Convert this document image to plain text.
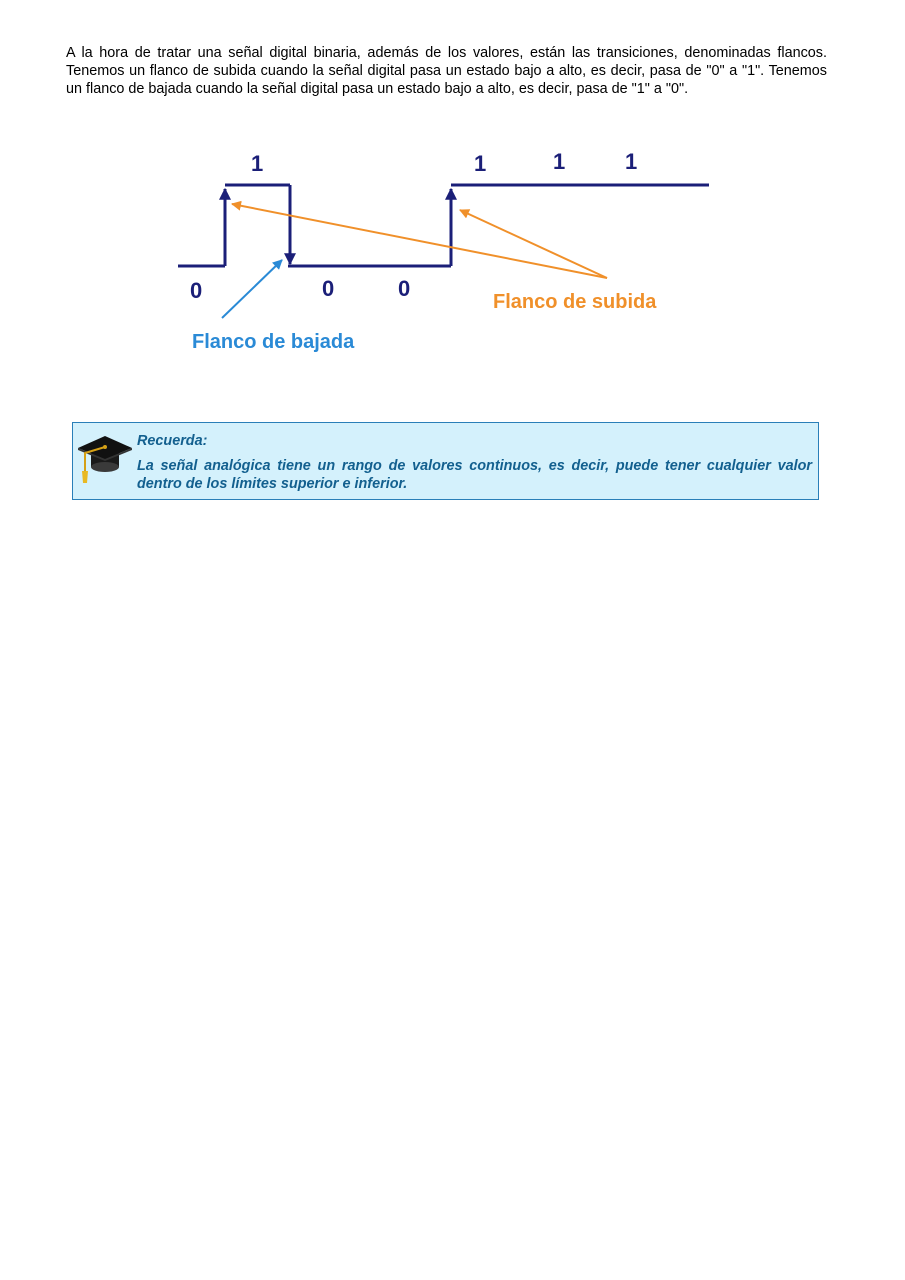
A la hora de tratar una señal digital binaria, además de los valores, están las transiciones, denominadas flancos. Tenemos un flanco de subida cuando la señal digital pasa un estado bajo a alto, es decir, pasa de "0" a "1". Tenemos un flanco de bajada cuando la señal digital pasa un estado bajo a alto, es decir, pasa de "1" a "0".

0
1
0	0
1	1	1
Flanco de subida
Flanco de bajada

Recuerda:

La señal analógica tiene un rango de valores continuos, es decir, puede tener cualquier valor dentro de los límites superior e inferior.
